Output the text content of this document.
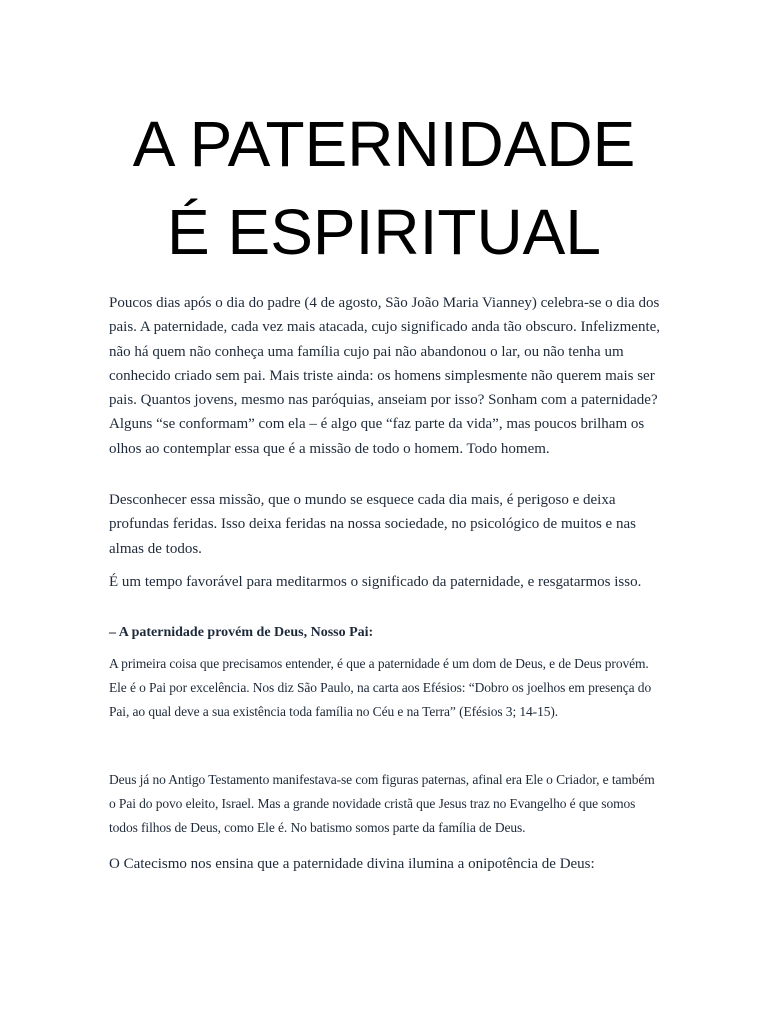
A PATERNIDADE
É ESPIRITUAL

Poucos dias após o dia do padre (4 de agosto, São João Maria Vianney) celebra-se o dia dos pais. A paternidade, cada vez mais atacada, cujo significado anda tão obscuro. Infelizmente, não há quem não conheça uma família cujo pai não abandonou o lar, ou não tenha um conhecido criado sem pai. Mais triste ainda: os homens simplesmente não querem mais ser pais. Quantos jovens, mesmo nas paróquias, anseiam por isso? Sonham com a paternidade? Alguns “se conformam” com ela – é algo que “faz parte da vida”, mas poucos brilham os olhos ao contemplar essa que é a missão de todo o homem. Todo homem.

Desconhecer essa missão, que o mundo se esquece cada dia mais, é perigoso e deixa profundas feridas. Isso deixa feridas na nossa sociedade, no psicológico de muitos e nas almas de todos.

É um tempo favorável para meditarmos o significado da paternidade, e resgatarmos isso.

– A paternidade provém de Deus, Nosso Pai:

A primeira coisa que precisamos entender, é que a paternidade é um dom de Deus, e de Deus provém. Ele é o Pai por excelência. Nos diz São Paulo, na carta aos Efésios: “Dobro os joelhos em presença do Pai, ao qual deve a sua existência toda família no Céu e na Terra” (Efésios 3; 14-15).

Deus já no Antigo Testamento manifestava-se com figuras paternas, afinal era Ele o Criador, e também o Pai do povo eleito, Israel. Mas a grande novidade cristã que Jesus traz no Evangelho é que somos todos filhos de Deus, como Ele é. No batismo somos parte da família de Deus.

O Catecismo nos ensina que a paternidade divina ilumina a onipotência de Deus:
